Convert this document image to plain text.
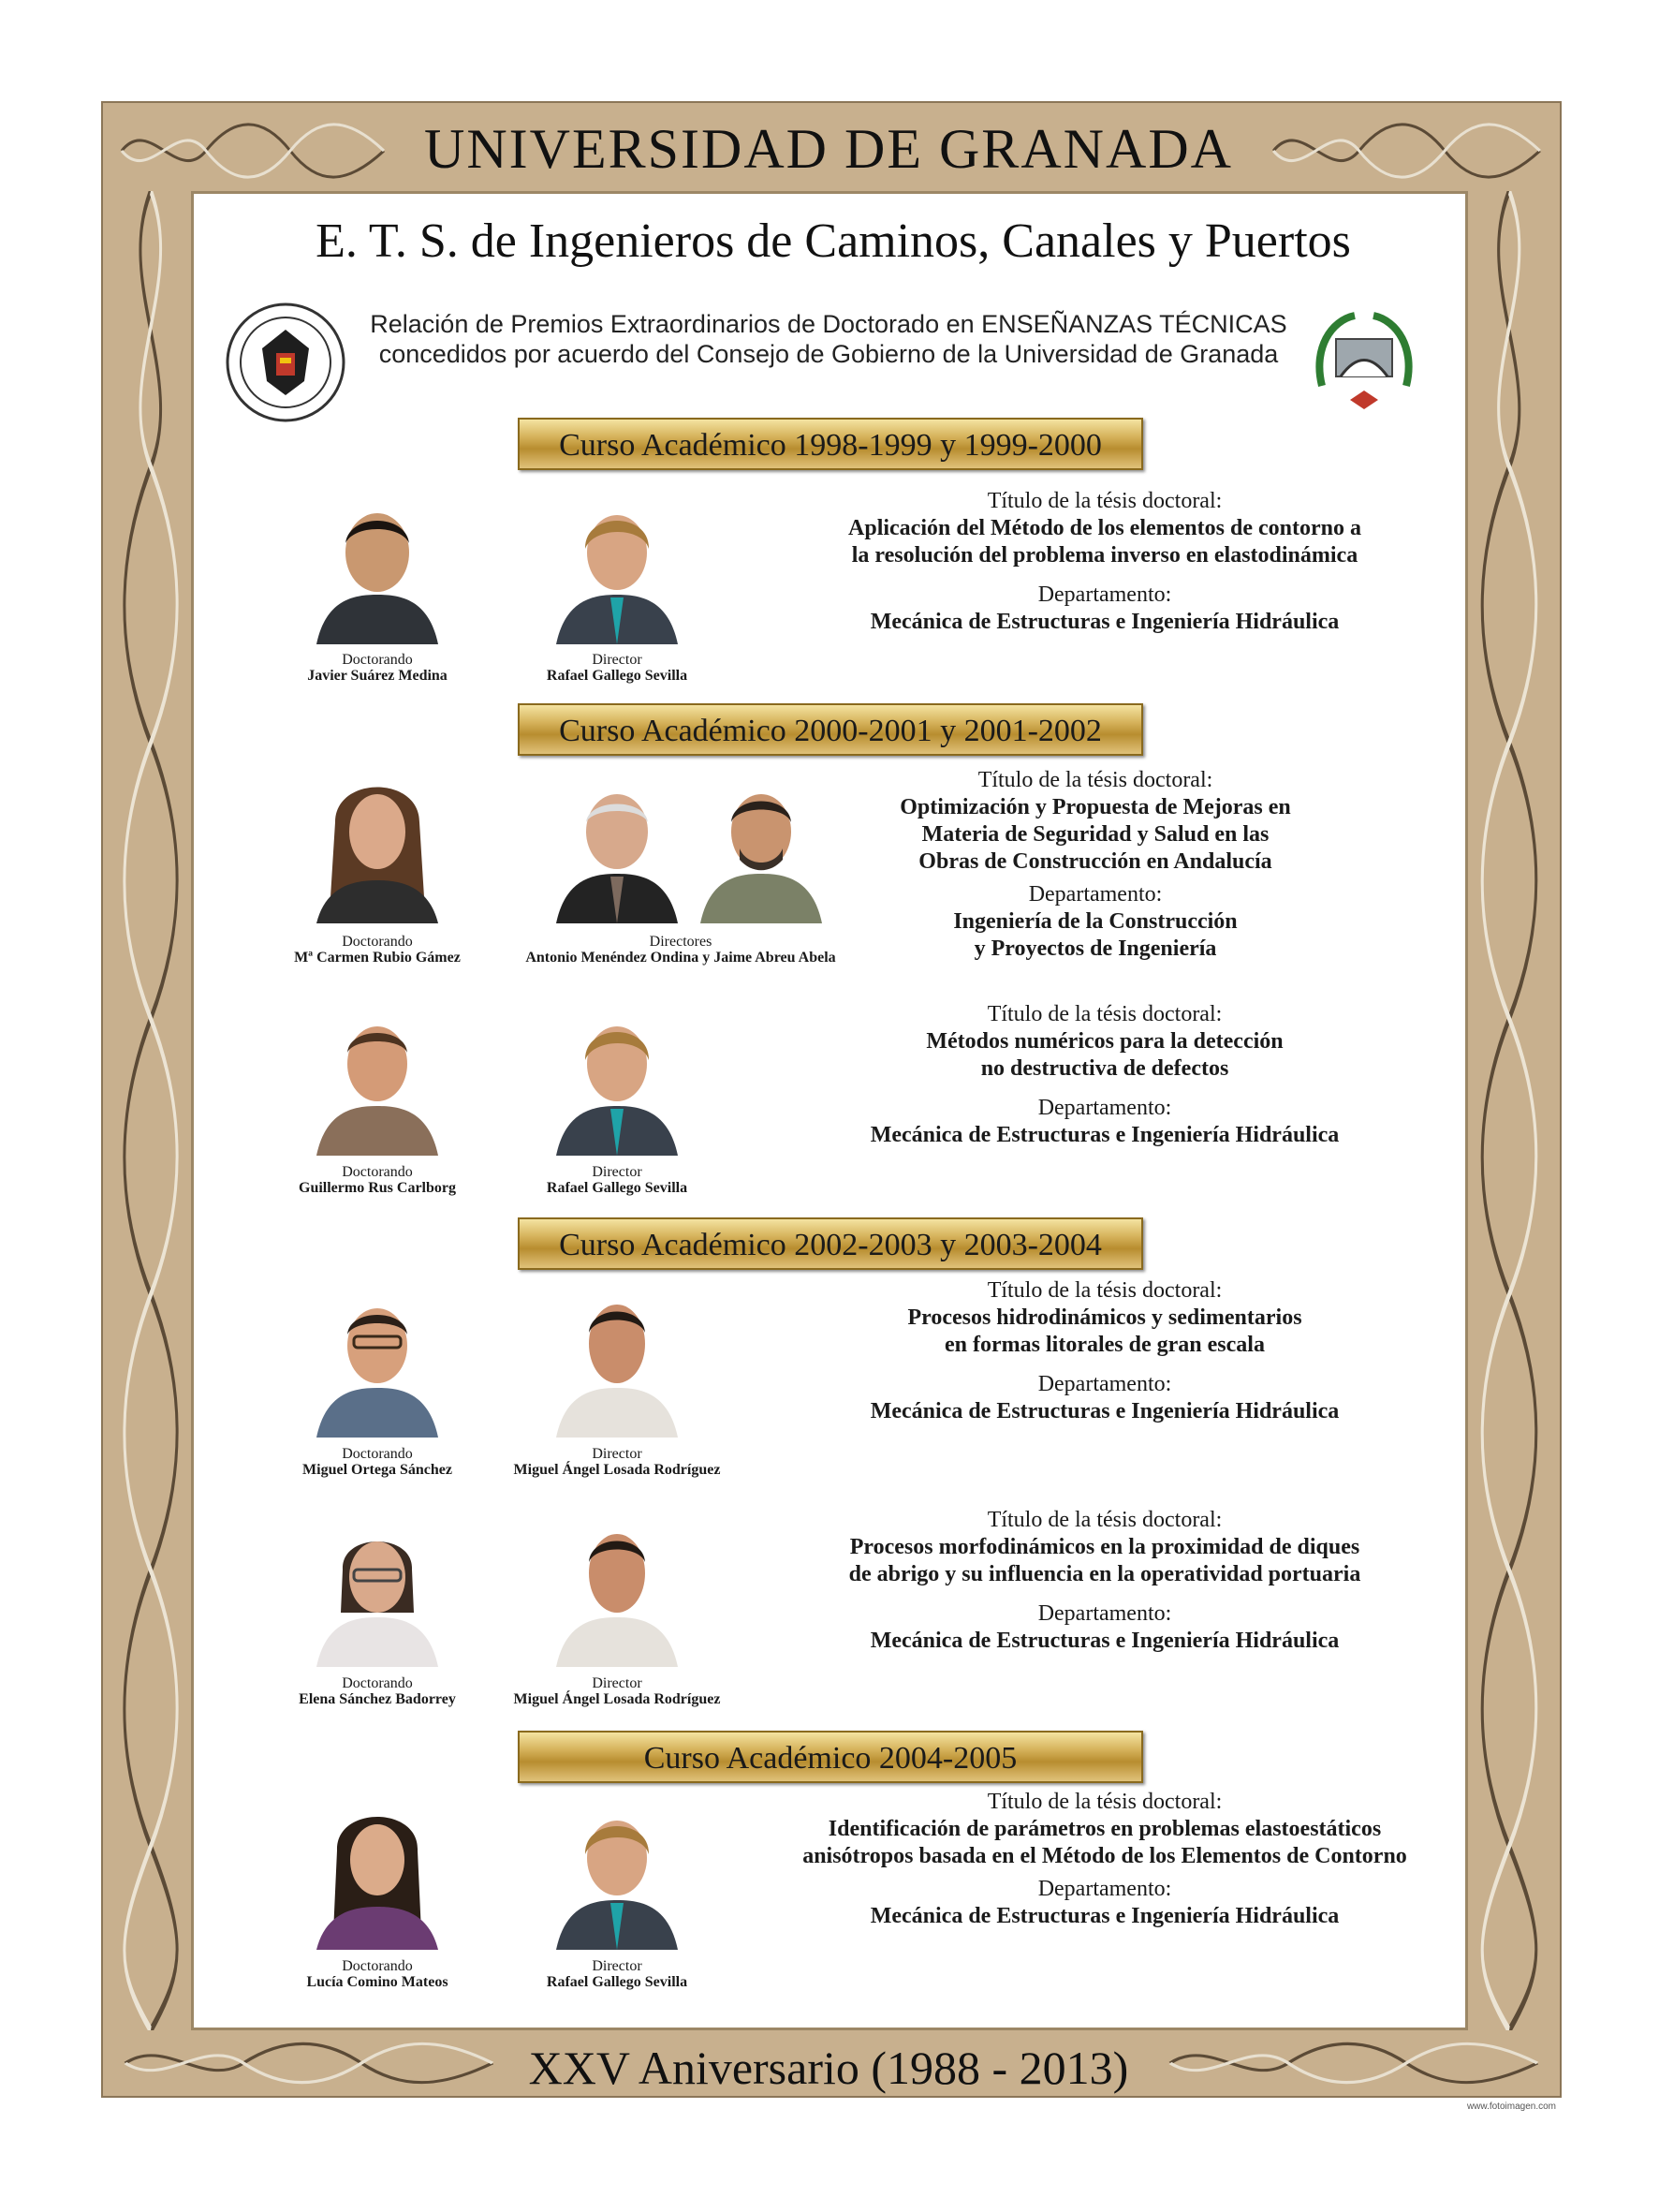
UNIVERSIDAD DE GRANADA
XXV Aniversario (1988 - 2013)
www.fotoimagen.com
E. T. S. de Ingenieros de Caminos, Canales y Puertos
Relación de Premios Extraordinarios de Doctorado en ENSEÑANZAS TÉCNICAS
concedidos por acuerdo del Consejo de Gobierno de la Universidad de Granada
Curso Académico 1998-1999 y 1999-2000
Curso Académico 2000-2001 y 2001-2002
Curso Académico 2002-2003 y 2003-2004
Curso Académico 2004-2005
Doctorando
Javier Suárez Medina
Director
Rafael Gallego Sevilla
Título de la tésis doctoral:
Aplicación del Método de los elementos de contorno a
la resolución del problema inverso en elastodinámica
Departamento:
Mecánica de Estructuras e Ingeniería Hidráulica
Doctorando
Mª Carmen Rubio Gámez
Directores
Antonio Menéndez Ondina y Jaime Abreu Abela
Título de la tésis doctoral:
Optimización y Propuesta de Mejoras en
Materia de Seguridad y Salud en las
Obras de Construcción en Andalucía
Departamento:
Ingeniería de la Construcción
y Proyectos de Ingeniería
Doctorando
Guillermo Rus Carlborg
Director
Rafael Gallego Sevilla
Título de la tésis doctoral:
Métodos numéricos para la detección
no destructiva de defectos
Departamento:
Mecánica de Estructuras e Ingeniería Hidráulica
Doctorando
Miguel Ortega Sánchez
Director
Miguel Ángel Losada Rodríguez
Título de la tésis doctoral:
Procesos hidrodinámicos y sedimentarios
en formas litorales de gran escala
Departamento:
Mecánica de Estructuras e Ingeniería Hidráulica
Doctorando
Elena Sánchez Badorrey
Director
Miguel Ángel Losada Rodríguez
Título de la tésis doctoral:
Procesos morfodinámicos en la proximidad de diques
de abrigo y su influencia en la operatividad portuaria
Departamento:
Mecánica de Estructuras e Ingeniería Hidráulica
Doctorando
Lucía Comino Mateos
Director
Rafael Gallego Sevilla
Título de la tésis doctoral:
Identificación de parámetros en problemas elastoestáticos
anisótropos basada en el Método de los Elementos de Contorno
Departamento:
Mecánica de Estructuras e Ingeniería Hidráulica
